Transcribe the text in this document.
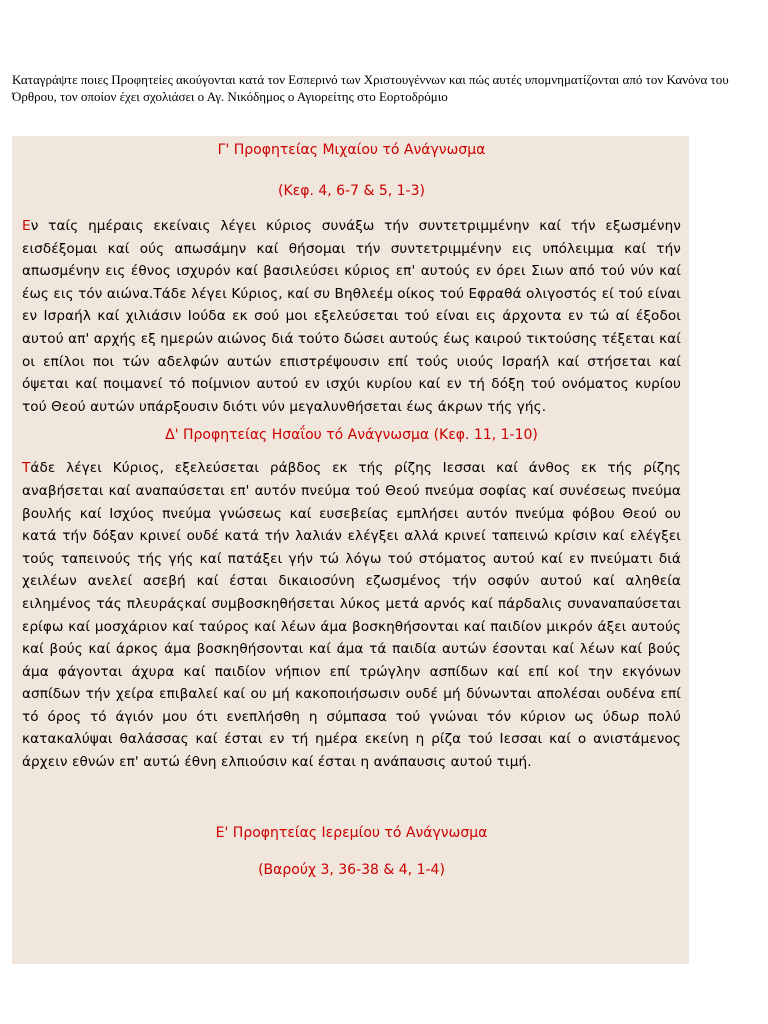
Καταγράψτε ποιες Προφητείες ακούγονται κατά τον Εσπερινό των Χριστουγέννων και πώς αυτές υπομνηματίζονται από τον Κανόνα του Όρθρου, τον οποίον έχει σχολιάσει ο Αγ. Νικόδημος ο Αγιορείτης στο Εορτοδρόμιο

Γ' Προφητείας Μιχαίου τό Ανάγνωσμα

(Κεφ. 4, 6-7 & 5, 1-3)

Εν ταίς ημέραις εκείναις λέγει κύριος συνάξω τήν συντετριμμένην καί τήν εξωσμένην εισδέξομαι καί ούς απωσάμην καί θήσομαι τήν συντετριμμένην εις υπόλειμμα καί τήν απωσμένην εις έθνος ισχυρόν καί βασιλεύσει κύριος επ' αυτούς εν όρει Σιων από τού νύν καί έως εις τόν αιώνα.Τάδε λέγει Κύριος, καί συ Βηθλεέμ οίκος τού Εφραθά ολιγοστός εί τού είναι εν Ισραήλ καί χιλιάσιν Ιούδα εκ σού μοι εξελεύσεται τού είναι εις άρχοντα εν τώ αί έξοδοι αυτού απ' αρχής εξ ημερών αιώνος διά τούτο δώσει αυτούς έως καιρού τικτούσης τέξεται καί οι επίλοι ποι τών αδελφών αυτών επιστρέψουσιν επί τούς υιούς Ισραήλ καί στήσεται καί όψεται καί ποιμανεί τό ποίμνιον αυτού εν ισχύι κυρίου καί εν τή δόξη τού ονόματος κυρίου τού Θεού αυτών υπάρξουσιν διότι νύν μεγαλυνθήσεται έως άκρων τής γής.

Δ' Προφητείας Ησαΐου τό Ανάγνωσμα (Κεφ. 11, 1-10)

Τάδε λέγει Κύριος, εξελεύσεται ράβδος εκ τής ρίζης Ιεσσαι καί άνθος εκ τής ρίζης αναβήσεται καί αναπαύσεται επ' αυτόν πνεύμα τού Θεού πνεύμα σοφίας καί συνέσεως πνεύμα βουλής καί Ισχύος πνεύμα γνώσεως καί ευσεβείας εμπλήσει αυτόν πνεύμα φόβου Θεού ου κατά τήν δόξαν κρινεί ουδέ κατά τήν λαλιάν ελέγξει αλλά κρινεί ταπεινώ κρίσιν καί ελέγξει τούς ταπεινούς τής γής καί πατάξει γήν τώ λόγω τού στόματος αυτού καί εν πνεύματι διά χειλέων ανελεί ασεβή καί έσται δικαιοσύνη εζωσμένος τήν οσφύν αυτού καί αληθεία ειλημένος τάς πλευράςκαί συμβοσκηθήσεται λύκος μετά αρνός καί πάρδαλις συναναπαύσεται ερίφω καί μοσχάριον καί ταύρος καί λέων άμα βοσκηθήσονται καί παιδίον μικρόν άξει αυτούς καί βούς καί άρκος άμα βοσκηθήσονται καί άμα τά παιδία αυτών έσονται καί λέων καί βούς άμα φάγονται άχυρα καί παιδίον νήπιον επί τρώγλην ασπίδων καί επί κοί την εκγόνων ασπίδων τήν χείρα επιβαλεί καί ου μή κακοποιήσωσιν ουδέ μή δύνωνται απολέσαι ουδένα επί τό όρος τό άγιόν μου ότι ενεπλήσθη η σύμπασα τού γνώναι τόν κύριον ως ύδωρ πολύ κατακαλύψαι θαλάσσας καί έσται εν τή ημέρα εκείνη η ρίζα τού Ιεσσαι καί ο ανιστάμενος άρχειν εθνών επ' αυτώ έθνη ελπιούσιν καί έσται η ανάπαυσις αυτού τιμή.

Ε' Προφητείας Ιερεμίου τό Ανάγνωσμα

(Βαρούχ 3, 36-38 & 4, 1-4)
